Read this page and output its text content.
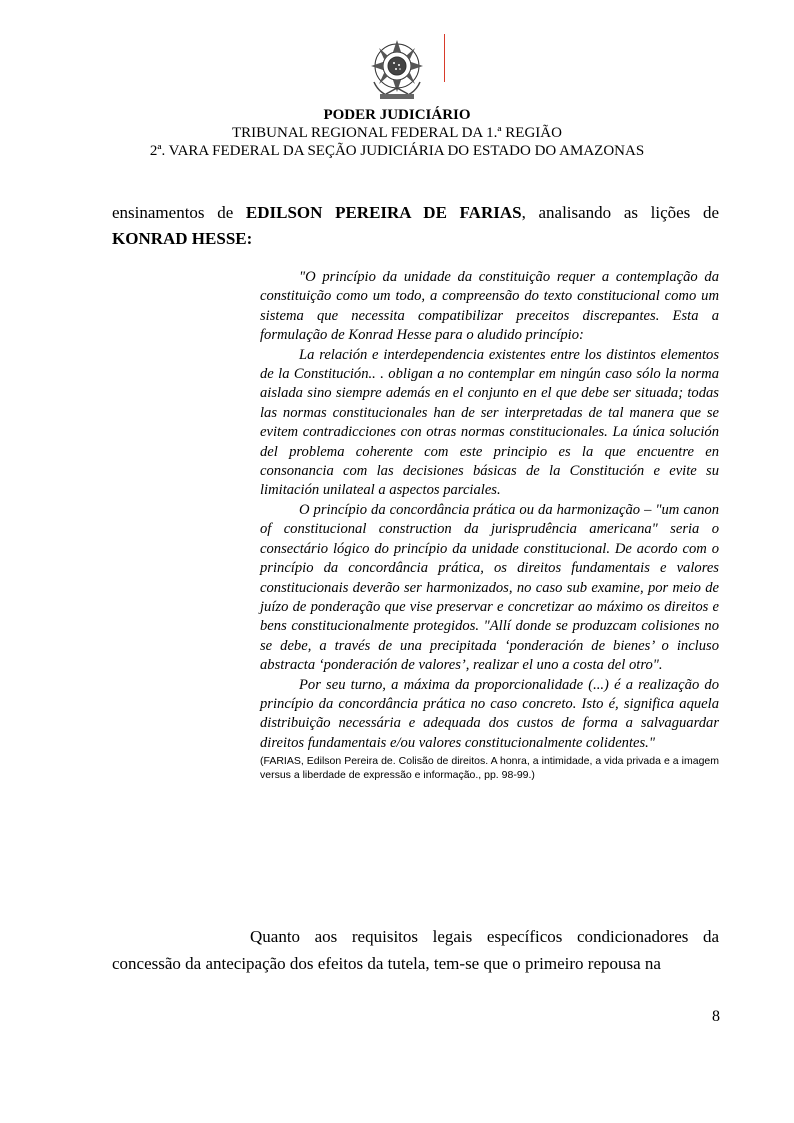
PODER JUDICIÁRIO

TRIBUNAL REGIONAL FEDERAL DA 1.ª REGIÃO

2ª. VARA FEDERAL DA SEÇÃO JUDICIÁRIA DO ESTADO DO AMAZONAS

ensinamentos de EDILSON PEREIRA DE FARIAS, analisando as lições de KONRAD HESSE:

"O princípio da unidade da constituição requer a contemplação da constituição como um todo, a compreensão do texto constitucional como um sistema que necessita compatibilizar preceitos discrepantes. Esta a formulação de Konrad Hesse para o aludido princípio:

La relación e interdependencia existentes entre los distintos elementos de la Constitución.. . obligan a no contemplar em ningún caso sólo la norma aislada sino siempre además en el conjunto en el que debe ser situada; todas las normas constitucionales han de ser interpretadas de tal manera que se evitem contradicciones con otras normas constitucionales. La única solución del problema coherente com este principio es la que encuentre en consonancia com las decisiones básicas de la Constitución e evite su limitación unilateal a aspectos parciales.

O princípio da concordância prática ou da harmonização – "um canon of constitucional construction da jurisprudência americana" seria o consectário lógico do princípio da unidade constitucional. De acordo com o princípio da concordância prática, os direitos fundamentais e valores constitucionais deverão ser harmonizados, no caso sub examine, por meio de juízo de ponderação que vise preservar e concretizar ao máximo os direitos e bens constitucionalmente protegidos. "Allí donde se produzcam colisiones no se debe, a través de una precipitada ‘ponderación de bienes’ o incluso abstracta ‘ponderación de valores’, realizar el uno a costa del otro".

Por seu turno, a máxima da proporcionalidade (...) é a realização do princípio da concordância prática no caso concreto. Isto é, significa aquela distribuição necessária e adequada dos custos de forma a salvaguardar direitos fundamentais e/ou valores constitucionalmente colidentes."

(FARIAS, Edilson Pereira de. Colisão de direitos. A honra, a intimidade, a vida privada e a imagem versus a liberdade de expressão e informação., pp. 98-99.)

Quanto aos requisitos legais específicos condicionadores da concessão da antecipação dos efeitos da tutela, tem-se que o primeiro repousa na

8
